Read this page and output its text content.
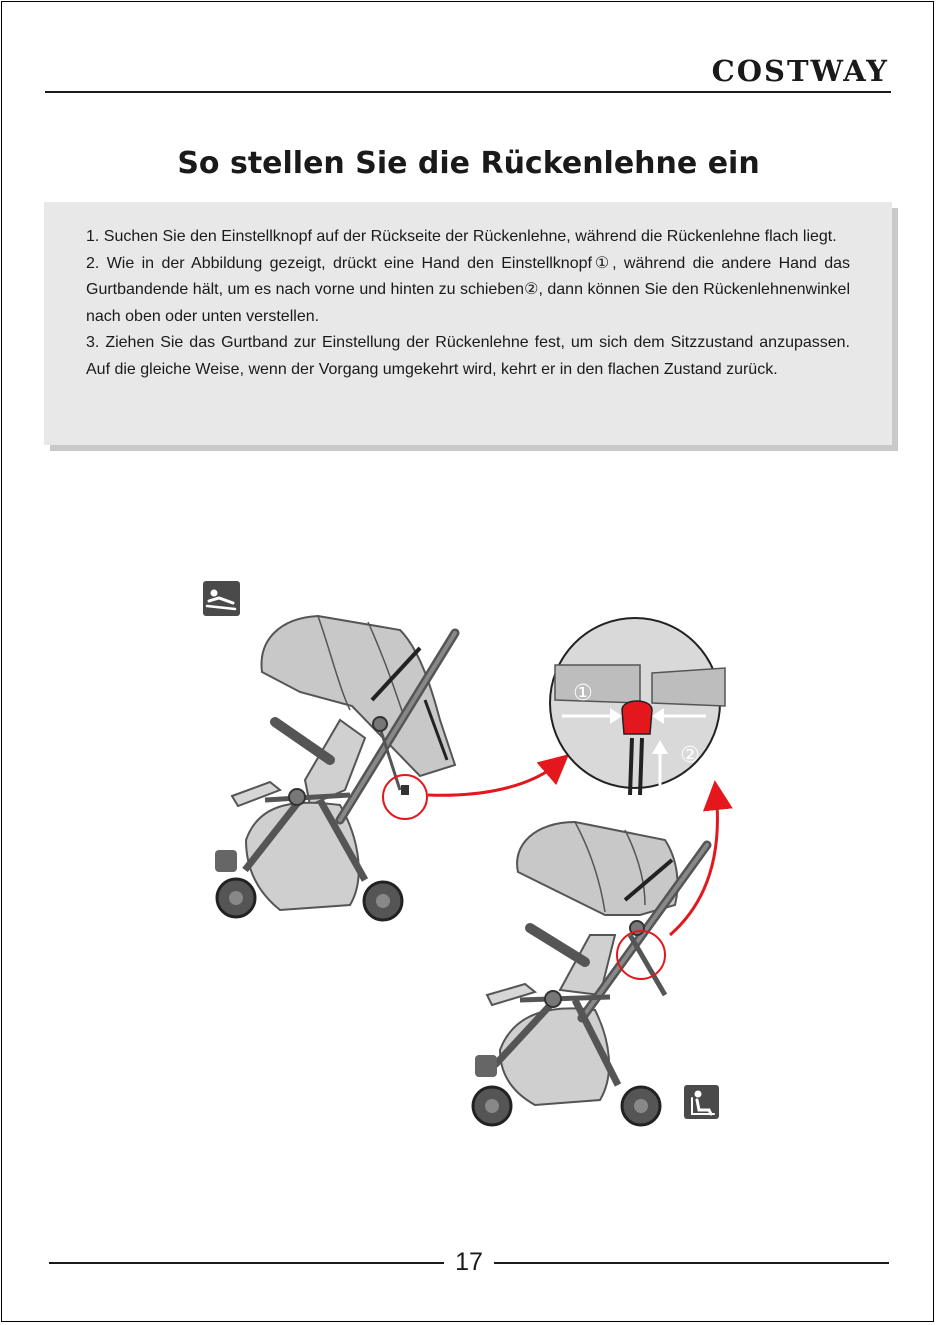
COSTWAY
So stellen Sie die Rückenlehne ein

1. Suchen Sie den Einstellknopf auf der Rückseite der Rückenlehne, während die Rückenlehne flach liegt.

2. Wie in der Abbildung gezeigt, drückt eine Hand den Einstellknopf①, während die andere Hand das Gurtbandende hält, um es nach vorne und hinten zu schieben②, dann können Sie den Rückenlehnenwinkel nach oben oder unten verstellen.

3. Ziehen Sie das Gurtband zur Einstellung der Rückenlehne fest, um sich dem Sitzzustand anzupassen. Auf die gleiche Weise, wenn der Vorgang umgekehrt wird, kehrt er in den flachen Zustand zurück.

①
②
17
